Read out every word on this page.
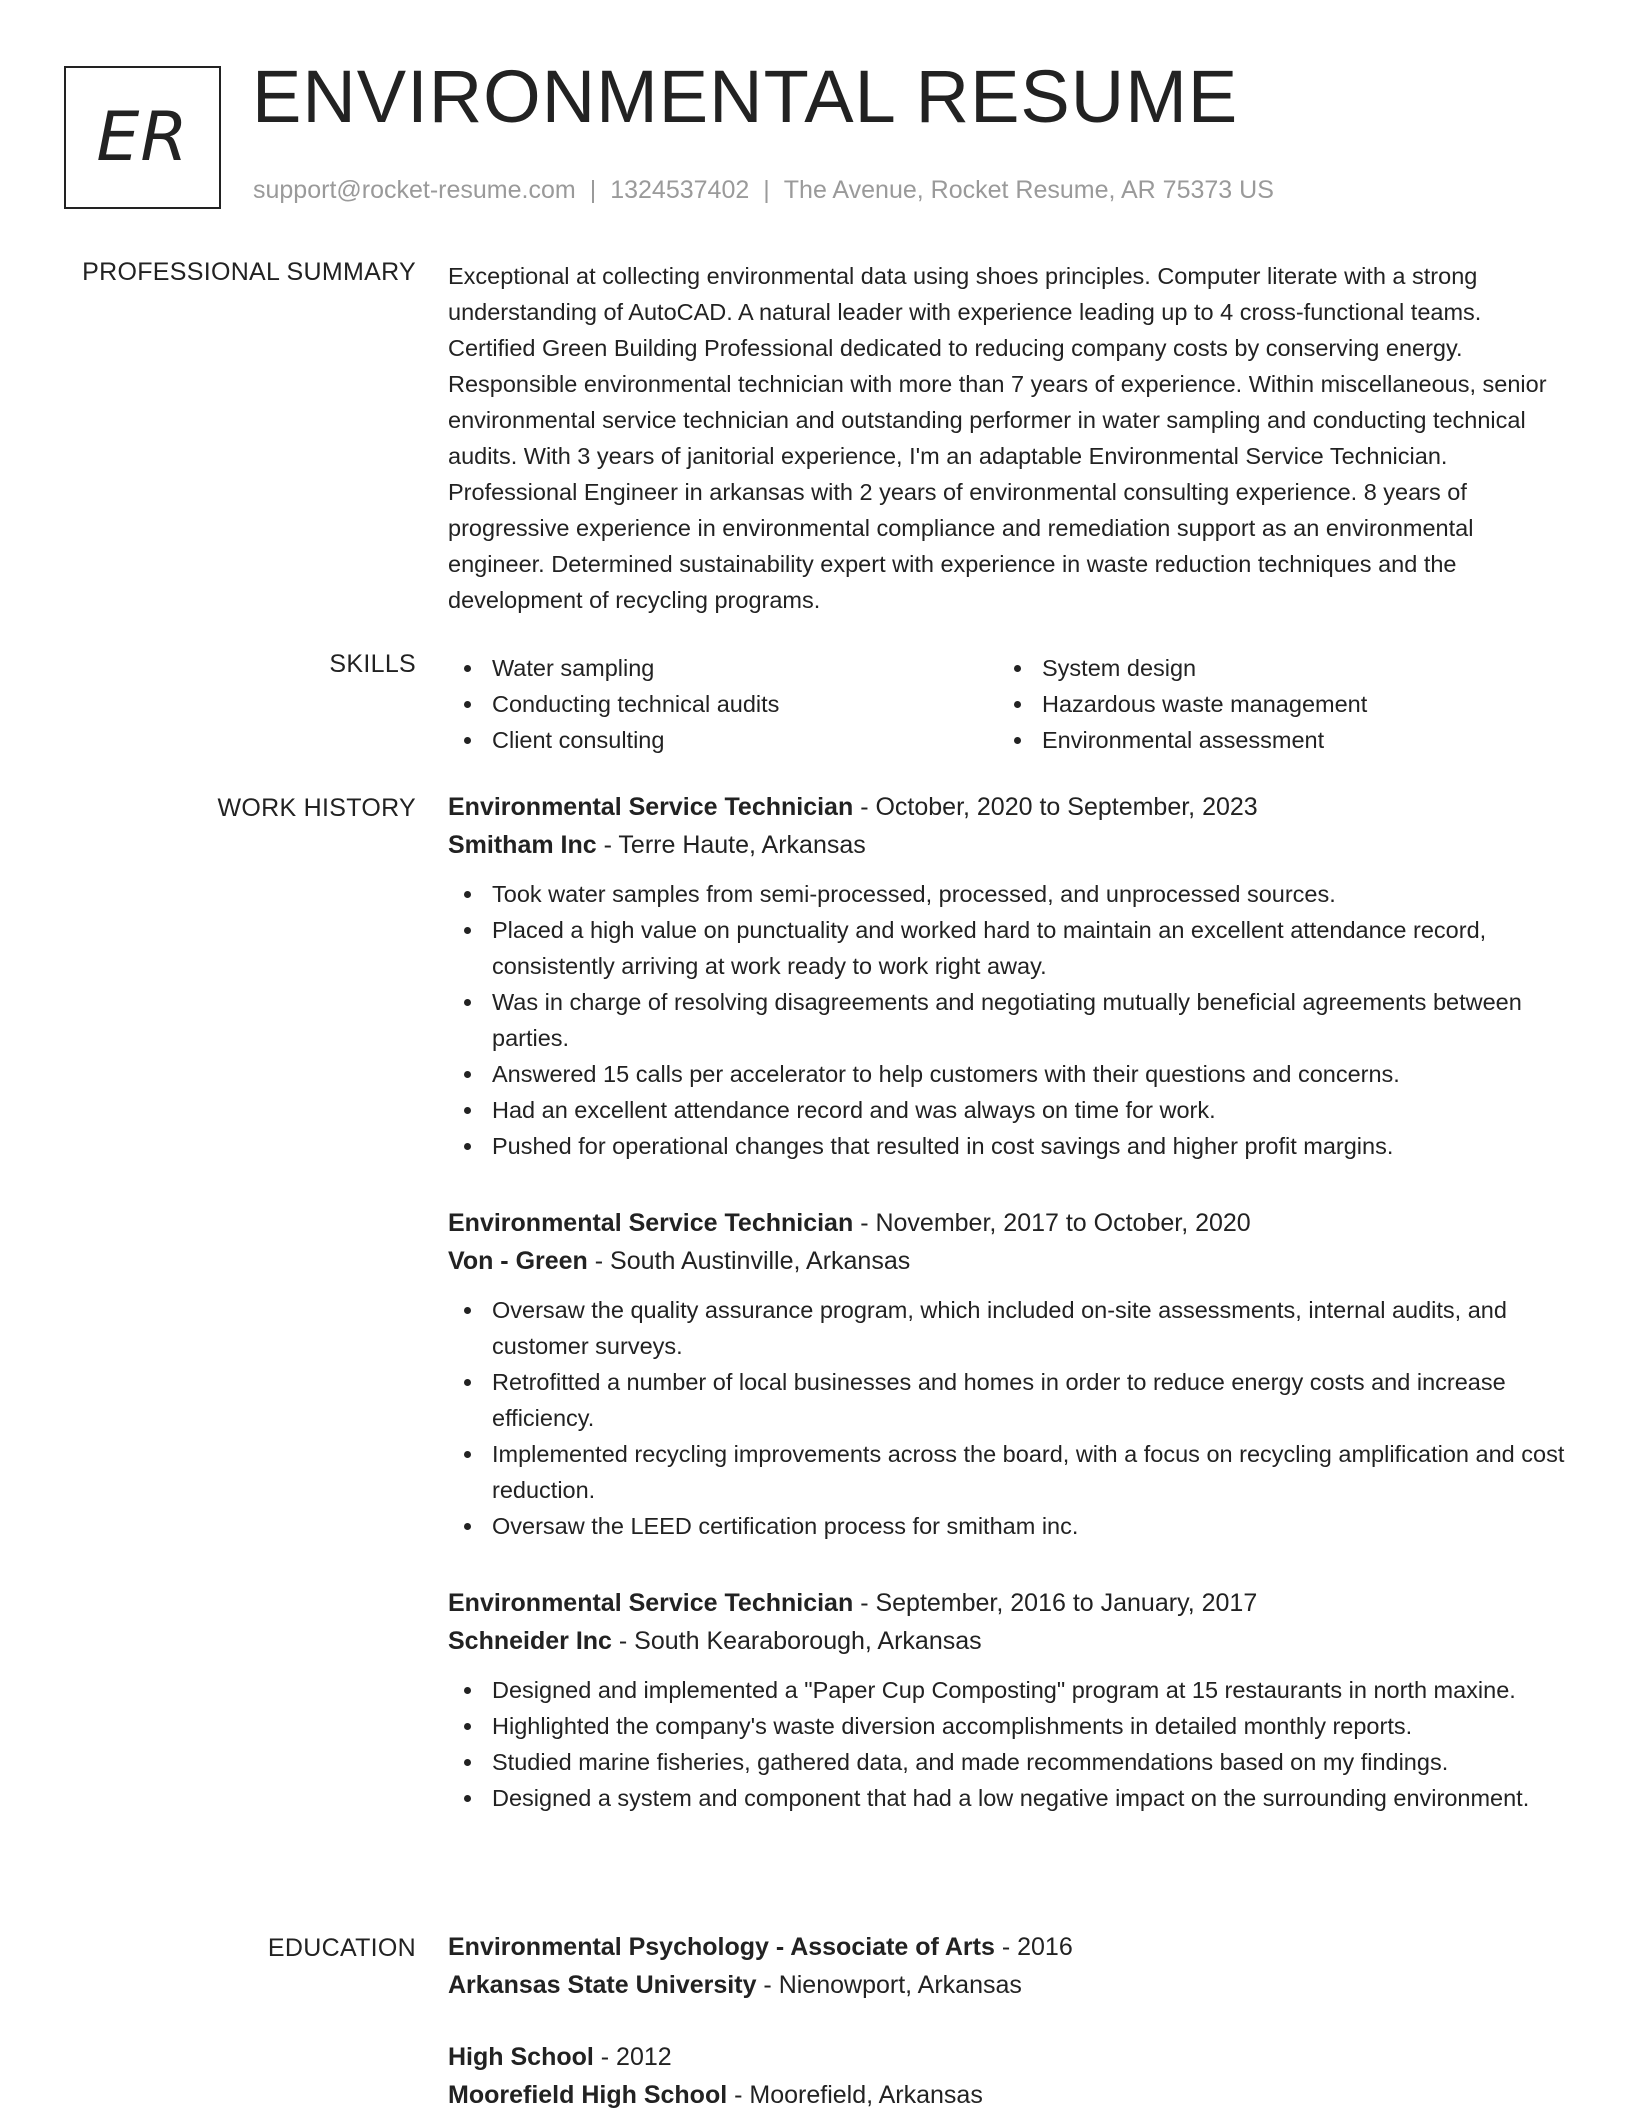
ER ENVIRONMENTAL RESUME
support@rocket-resume.com | 1324537402 | The Avenue, Rocket Resume, AR 75373 US
PROFESSIONAL SUMMARY Exceptional at collecting environmental data using shoes principles. Computer literate with a strong understanding of AutoCAD. A natural leader with experience leading up to 4 cross-functional teams. Certified Green Building Professional dedicated to reducing company costs by conserving energy. Responsible environmental technician with more than 7 years of experience. Within miscellaneous, senior environmental service technician and outstanding performer in water sampling and conducting technical audits. With 3 years of janitorial experience, I'm an adaptable Environmental Service Technician. Professional Engineer in arkansas with 2 years of environmental consulting experience. 8 years of progressive experience in environmental compliance and remediation support as an environmental engineer. Determined sustainability expert with experience in waste reduction techniques and the development of recycling programs.
SKILLS	Water sampling
Conducting technical audits
Client consulting
System design
Hazardous waste management
Environmental assessment
WORK HISTORY Environmental Service Technician - October, 2020 to September, 2023
Smitham Inc - Terre Haute, Arkansas
Took water samples from semi-processed, processed, and unprocessed sources.
Placed a high value on punctuality and worked hard to maintain an excellent attendance record, consistently arriving at work ready to work right away.
Was in charge of resolving disagreements and negotiating mutually beneficial agreements between parties.
Answered 15 calls per accelerator to help customers with their questions and concerns.
Had an excellent attendance record and was always on time for work.
Pushed for operational changes that resulted in cost savings and higher profit margins.
Environmental Service Technician - November, 2017 to October, 2020
Von - Green - South Austinville, Arkansas
Oversaw the quality assurance program, which included on-site assessments, internal audits, and customer surveys.
Retrofitted a number of local businesses and homes in order to reduce energy costs and increase efficiency.
Implemented recycling improvements across the board, with a focus on recycling amplification and cost reduction.
Oversaw the LEED certification process for smitham inc.
Environmental Service Technician - September, 2016 to January, 2017
Schneider Inc - South Kearaborough, Arkansas
Designed and implemented a "Paper Cup Composting" program at 15 restaurants in north maxine.
Highlighted the company's waste diversion accomplishments in detailed monthly reports.
Studied marine fisheries, gathered data, and made recommendations based on my findings.
Designed a system and component that had a low negative impact on the surrounding environment.
EDUCATION Environmental Psychology - Associate of Arts - 2016
Arkansas State University - Nienowport, Arkansas
High School - 2012
Moorefield High School - Moorefield, Arkansas
